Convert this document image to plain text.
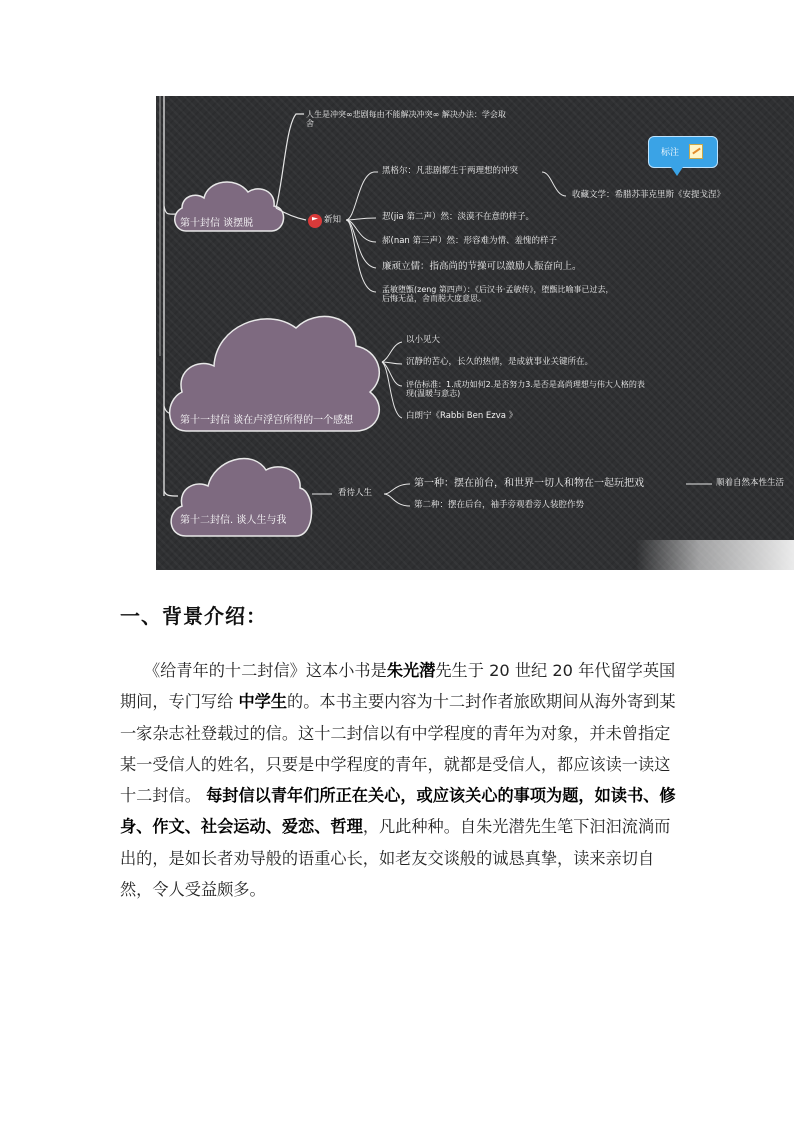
第十封信 谈摆脱
第十一封信 谈在卢浮宫所得的一个感想
第十二封信. 谈人生与我
人生是冲突∞悲剧每由不能解决冲突∞ 解决办法：学会取
舍
新知
黑格尔：凡悲剧都生于两理想的冲突
收藏文学：希腊苏菲克里斯《安提戈涅》
恝(jia 第二声）然：淡漠不在意的样子。
郝(nan 第三声）然：形容难为情、羞愧的样子
廉顽立儒：指高尚的节操可以激励人振奋向上。
孟敏堕甑(zeng 第四声）：《后汉书·孟敏传》，堕甑比喻事已过去，
后悔无益，舍而脱大度意思。
标注
以小见大
沉静的苦心，长久的热情，是成就事业关键所在。
评估标准：1.成功如何2.是否努力3.是否是高尚理想与伟大人格的表
现(温暖与意志)
白朗宁《Rabbi Ben Ezva 》
看待人生
第一种：摆在前台，和世界一切人和物在一起玩把戏
第二种：摆在后台，袖手旁观看旁人装腔作势
顺着自然本性生活
一、背景介绍：

《给青年的十二封信》这本小书是朱光潜先生于 20 世纪 20 年代留学英国期间，专门写给 中学生的。本书主要内容为十二封作者旅欧期间从海外寄到某一家杂志社登载过的信。这十二封信以有中学程度的青年为对象，并未曾指定某一受信人的姓名，只要是中学程度的青年，就都是受信人，都应该读一读这十二封信。 每封信以青年们所正在关心，或应该关心的事项为题，如读书、修身、作文、社会运动、爱恋、哲理，凡此种种。自朱光潜先生笔下汩汩流淌而出的，是如长者劝导般的语重心长，如老友交谈般的诚恳真挚，读来亲切自然，令人受益颇多。
